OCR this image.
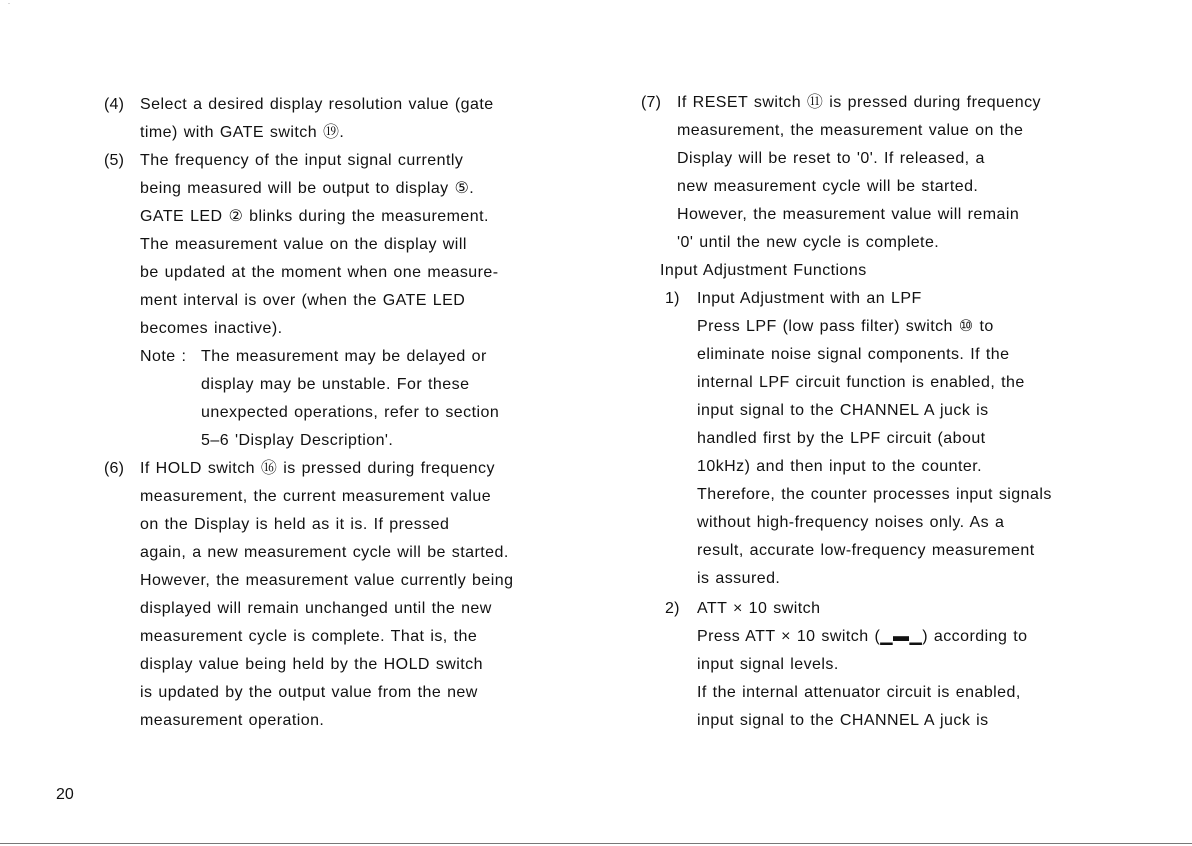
(4) Select a desired display resolution value (gate
time) with GATE switch ⑲.
(5) The frequency of the input signal currently
being measured will be output to display ⑤.
GATE LED ② blinks during the measurement.
The measurement value on the display will
be updated at the moment when one measure-
ment interval is over (when the GATE LED
becomes inactive).
Note : The measurement may be delayed or
display may be unstable. For these
unexpected operations, refer to section
5–6 'Display Description'.
(6) If HOLD switch ⑯ is pressed during frequency
measurement, the current measurement value
on the Display is held as it is. If pressed
again, a new measurement cycle will be started.
However, the measurement value currently being
displayed will remain unchanged until the new
measurement cycle is complete. That is, the
display value being held by the HOLD switch
is updated by the output value from the new
measurement operation.
(7) If RESET switch ⑪ is pressed during frequency
measurement, the measurement value on the
Display will be reset to '0'. If released, a
new measurement cycle will be started.
However, the measurement value will remain
'0' until the new cycle is complete.
Input Adjustment Functions
1) Input Adjustment with an LPF
Press LPF (low pass filter) switch ⑩ to
eliminate noise signal components. If the
internal LPF circuit function is enabled, the
input signal to the CHANNEL A juck is
handled first by the LPF circuit (about
10kHz) and then input to the counter.
Therefore, the counter processes input signals
without high-frequency noises only. As a
result, accurate low-frequency measurement
is assured.
2) ATT × 10 switch
Press ATT × 10 switch (▁▬▁) according to
input signal levels.
If the internal attenuator circuit is enabled,
input signal to the CHANNEL A juck is
20
